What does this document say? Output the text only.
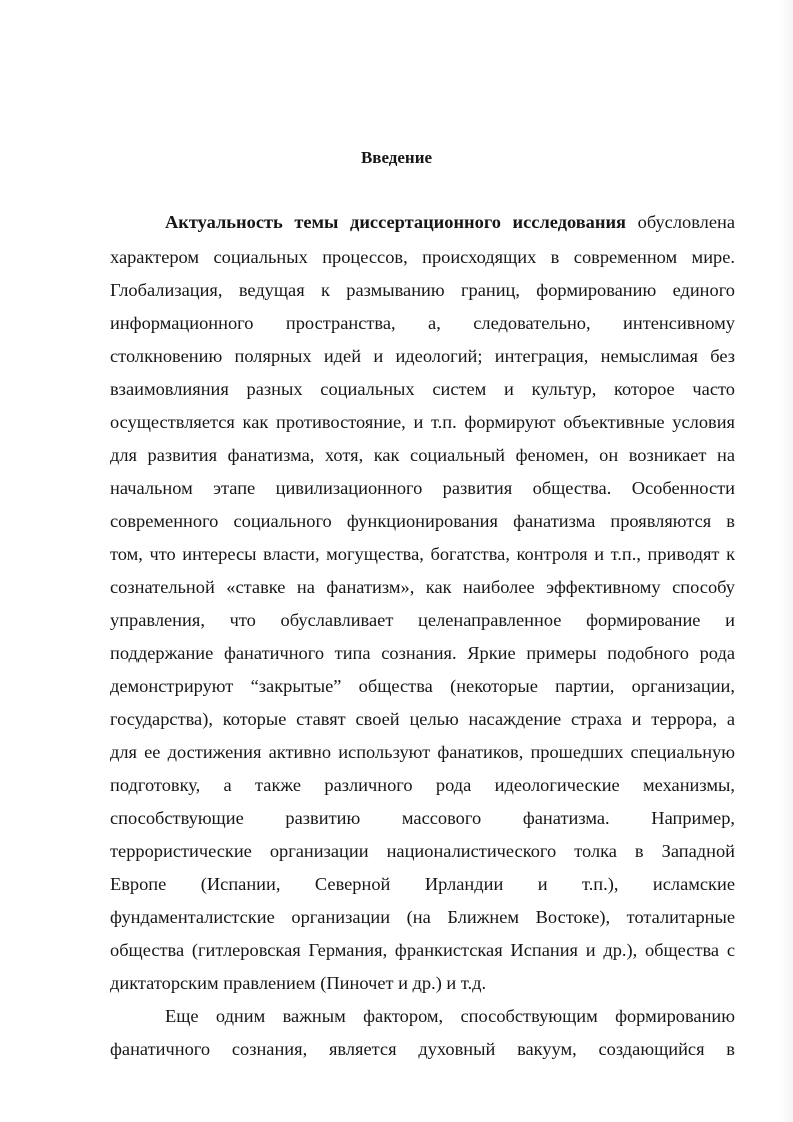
Введение
Актуальность темы диссертационного исследования обусловлена
характером социальных процессов, происходящих в современном мире.
Глобализация, ведущая к размыванию границ, формированию единого
информационного пространства, а, следовательно, интенсивному
столкновению полярных идей и идеологий; интеграция, немыслимая без
взаимовлияния разных социальных систем и культур, которое часто
осуществляется как противостояние, и т.п. формируют объективные условия
для развития фанатизма, хотя, как социальный феномен, он возникает на
начальном этапе цивилизационного развития общества. Особенности
современного социального функционирования фанатизма проявляются в
том, что интересы власти, могущества, богатства, контроля и т.п., приводят к
сознательной «ставке на фанатизм», как наиболее эффективному способу
управления, что обуславливает целенаправленное формирование и
поддержание фанатичного типа сознания. Яркие примеры подобного рода
демонстрируют “закрытые” общества (некоторые партии, организации,
государства), которые ставят своей целью насаждение страха и террора, а
для ее достижения активно используют фанатиков, прошедших специальную
подготовку, а также различного рода идеологические механизмы,
способствующие развитию массового фанатизма. Например,
террористические организации националистического толка в Западной
Европе (Испании, Северной Ирландии и т.п.), исламские
фундаменталистские организации (на Ближнем Востоке), тоталитарные
общества (гитлеровская Германия, франкистская Испания и др.), общества с
диктаторским правлением (Пиночет и др.) и т.д.
Еще одним важным фактором, способствующим формированию
фанатичного сознания, является духовный вакуум, создающийся в
